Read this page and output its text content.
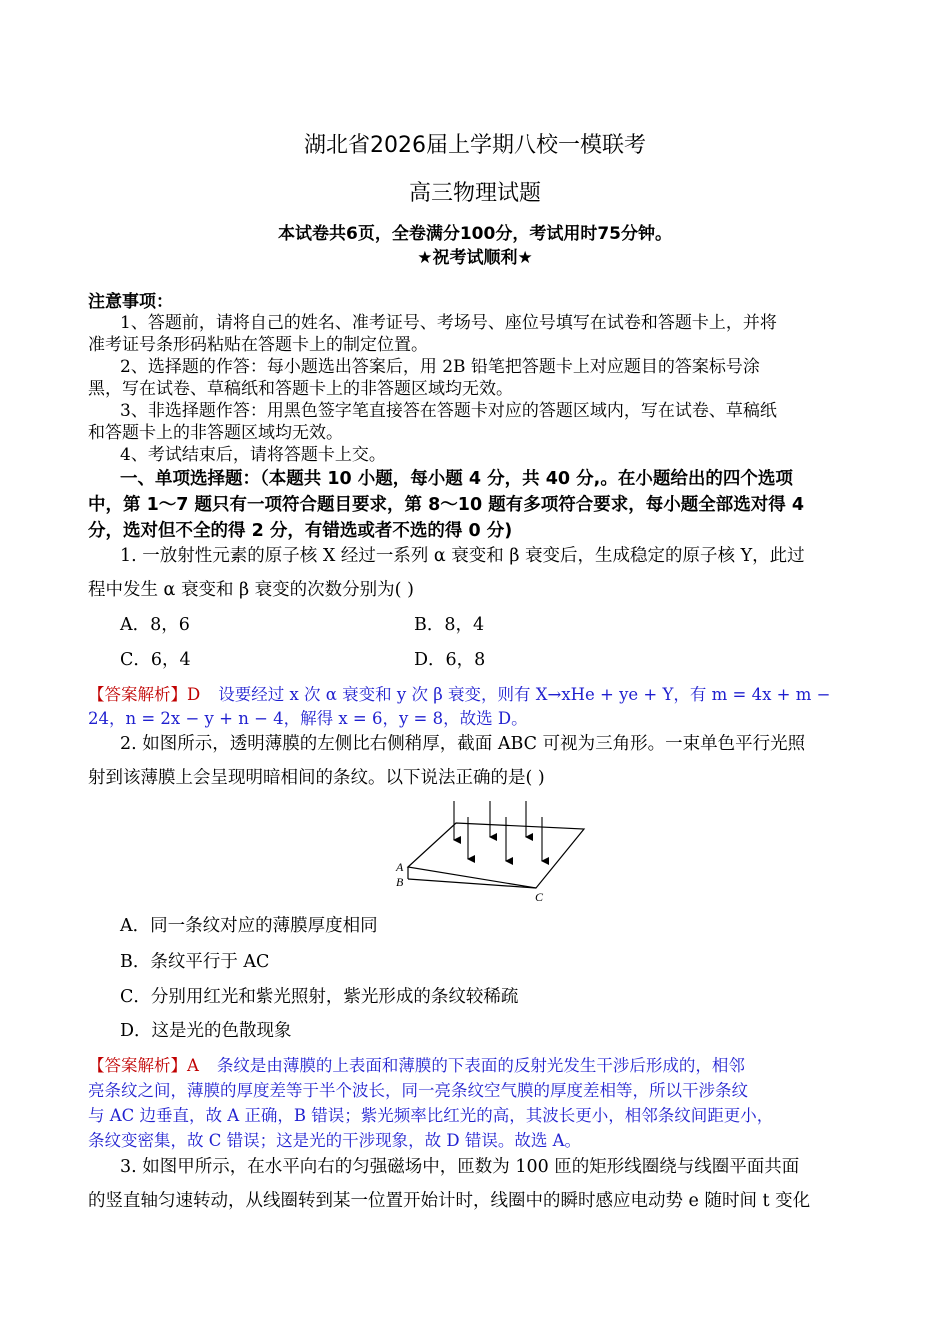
湖北省2026届上学期八校一模联考
高三物理试题
本试卷共6页，全卷满分100分，考试用时75分钟。
★祝考试顺利★
注意事项：
1、答题前，请将自己的姓名、准考证号、考场号、座位号填写在试卷和答题卡上，并将
准考证号条形码粘贴在答题卡上的制定位置。
2、选择题的作答：每小题选出答案后，用 2B 铅笔把答题卡上对应题目的答案标号涂
黑，写在试卷、草稿纸和答题卡上的非答题区域均无效。
3、非选择题作答：用黑色签字笔直接答在答题卡对应的答题区域内，写在试卷、草稿纸
和答题卡上的非答题区域均无效。
4、考试结束后，请将答题卡上交。
一、单项选择题：（本题共 10 小题，每小题 4 分，共 40 分,。在小题给出的四个选项
中，第 1～7 题只有一项符合题目要求，第 8～10 题有多项符合要求，每小题全部选对得 4
分，选对但不全的得 2 分，有错选或者不选的得 0 分)
1. 一放射性元素的原子核 X 经过一系列 α 衰变和 β 衰变后，生成稳定的原子核 Y，此过
程中发生 α 衰变和 β 衰变的次数分别为( )
A．8，6	B．8，4
C．6，4	D．6，8
【答案解析】D 设要经过 x 次 α 衰变和 y 次 β 衰变，则有 X→xHe + ye + Y，有 m = 4x + m −
24，n = 2x − y + n − 4，解得 x = 6，y = 8，故选 D。
2. 如图所示，透明薄膜的左侧比右侧稍厚，截面 ABC 可视为三角形。一束单色平行光照
射到该薄膜上会呈现明暗相间的条纹。以下说法正确的是( )
A
B
C
A．同一条纹对应的薄膜厚度相同
B．条纹平行于 AC
C．分别用红光和紫光照射，紫光形成的条纹较稀疏
D．这是光的色散现象
【答案解析】A 条纹是由薄膜的上表面和薄膜的下表面的反射光发生干涉后形成的，相邻
亮条纹之间，薄膜的厚度差等于半个波长，同一亮条纹空气膜的厚度差相等，所以干涉条纹
与 AC 边垂直，故 A 正确，B 错误；紫光频率比红光的高，其波长更小，相邻条纹间距更小，
条纹变密集，故 C 错误；这是光的干涉现象，故 D 错误。故选 A。
3. 如图甲所示，在水平向右的匀强磁场中，匝数为 100 匝的矩形线圈绕与线圈平面共面
的竖直轴匀速转动，从线圈转到某一位置开始计时，线圈中的瞬时感应电动势 e 随时间 t 变化
